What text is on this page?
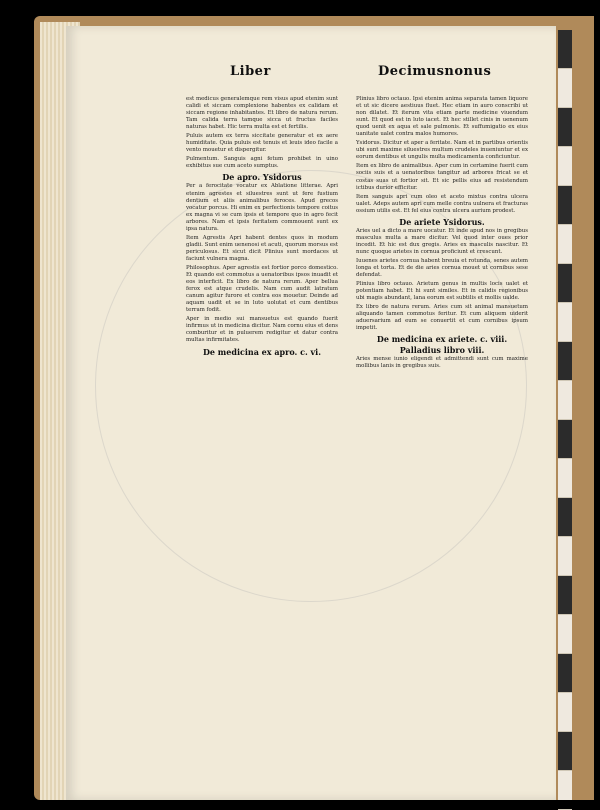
Liber	Decimusnonus

est medicus generalemque rem visus apud etenim sunt calidi et siccam complexione habentes ex calidam et siccam regione inhabitantes. Et libro de natura rerum. Tam calida terra tamque sicca ut fructus faciles naturas habet. Hic terra multa est et fertilis.

Puluis autem ex terra siccitate generatur et ex aere humiditate. Quia puluis est tenuis et leuis ideo facile a vento mouetur et dispergitur.

Pulmentum. Sanguis agni fetum prohibet in uino exhibitus sue cum aceto sumptus.

De apro. Ysidorus

Per a ferocitate vocatur ex Ablatione litterae. Apri etenim agrestes et siluestres sunt ut fere fustium dentium et aliis animalibus feroces. Apud grecos vocatur porcus. Hi enim ex perfectionis tempore coitus ex magna vi se cum ipsis et tempore quo in agro fecit arbores. Nam et ipsis feritatem commouent sunt ex ipsa natura.

Item Agrestis Apri habent dentes quos in modum gladii. Sunt enim uenenosi et acuti, quorum morsus est periculosus. Et sicut dicit Plinius sunt mordaces ut faciunt vulnera magna.

Philosophus. Aper agrestis est fortior porco domestico. Et quando est commotus a uenatoribus ipsos inuadit et eos interficit. Ex libro de natura rerum. Aper bellua ferox est atque crudelis. Nam cum audit latratum canum agitur furore et contra eos mouetur. Deinde ad aquam uadit et se in luto uolutat et cum dentibus terram fodit.

Aper in medio sui mansuetus est quando fuerit infirmus ut in medicina dicitur. Nam cornu eius et dens comburitur et in puluerem redigitur et datur contra multas infirmitates.

De medicina ex apro. c. vi.

Plinius libro octauo. Ipsi etenim anima separata tamen liquore et ut sic dicere aestiuus fluet. Hec etiam in auro conscribi ut non dilatet. Et iterum vita etiam parte medicine viuendum sunt. Et quod est in luto iacet. Et hec stillet cinis in uenenum quod uenit ex aqua et sale pulmonis. Et suffumigatio ex eius uanitate ualet contra malos humores.

Ysidorus. Dicitur et aper a feritate. Nam et in partibus orientis ubi sunt maxime siluestres multum crudeles inueniuntur et ex eorum dentibus et ungulis multa medicamenta conficiuntur.

Item ex libro de animalibus. Aper cum in certamine fuerit cum sociis suis et a uenatoribus tangitur ad arbores fricat se et costas suas ut fortior sit. Et sic pellis eius ad resistendum ictibus durior efficitur.

Item sanguis apri cum oleo et aceto mixtus contra ulcera ualet. Adeps autem apri cum melle contra uulnera et fracturas ossium utilis est. Et fel eius contra ulcera aurium prodest.

De ariete Ysidorus.

Aries uel a dicto a mare uocatur. Et inde apud nos in gregibus masculus multa a mare dicitur. Vel quod inter oues prior incedit. Et hic est dux gregis. Aries ex masculis nascitur. Et nunc quoque arietes in cornua proficiunt et crescunt.

Iuuenes arietes cornua habent breuia et rotunda, senes autem longa et torta. Et de die aries cornua mouet ut cornibus sese defendat.

Plinius libro octauo. Arietum genus in multis locis ualet et potentiam habet. Et hi sunt similes. Et in calidis regionibus ubi magis abundant, lana eorum est subtilis et mollis ualde.

Ex libro de natura rerum. Aries cum sit animal mansuetum aliquando tamen commotus feritur. Et cum aliquem uiderit aduersarium ad eum se conuertit et cum cornibus ipsum impetit.

De medicina ex ariete. c. viii.
Palladius libro viii.

Aries mense iunio eligendi et admittendi sunt cum maxime mollibus lanis in gregibus suis.
